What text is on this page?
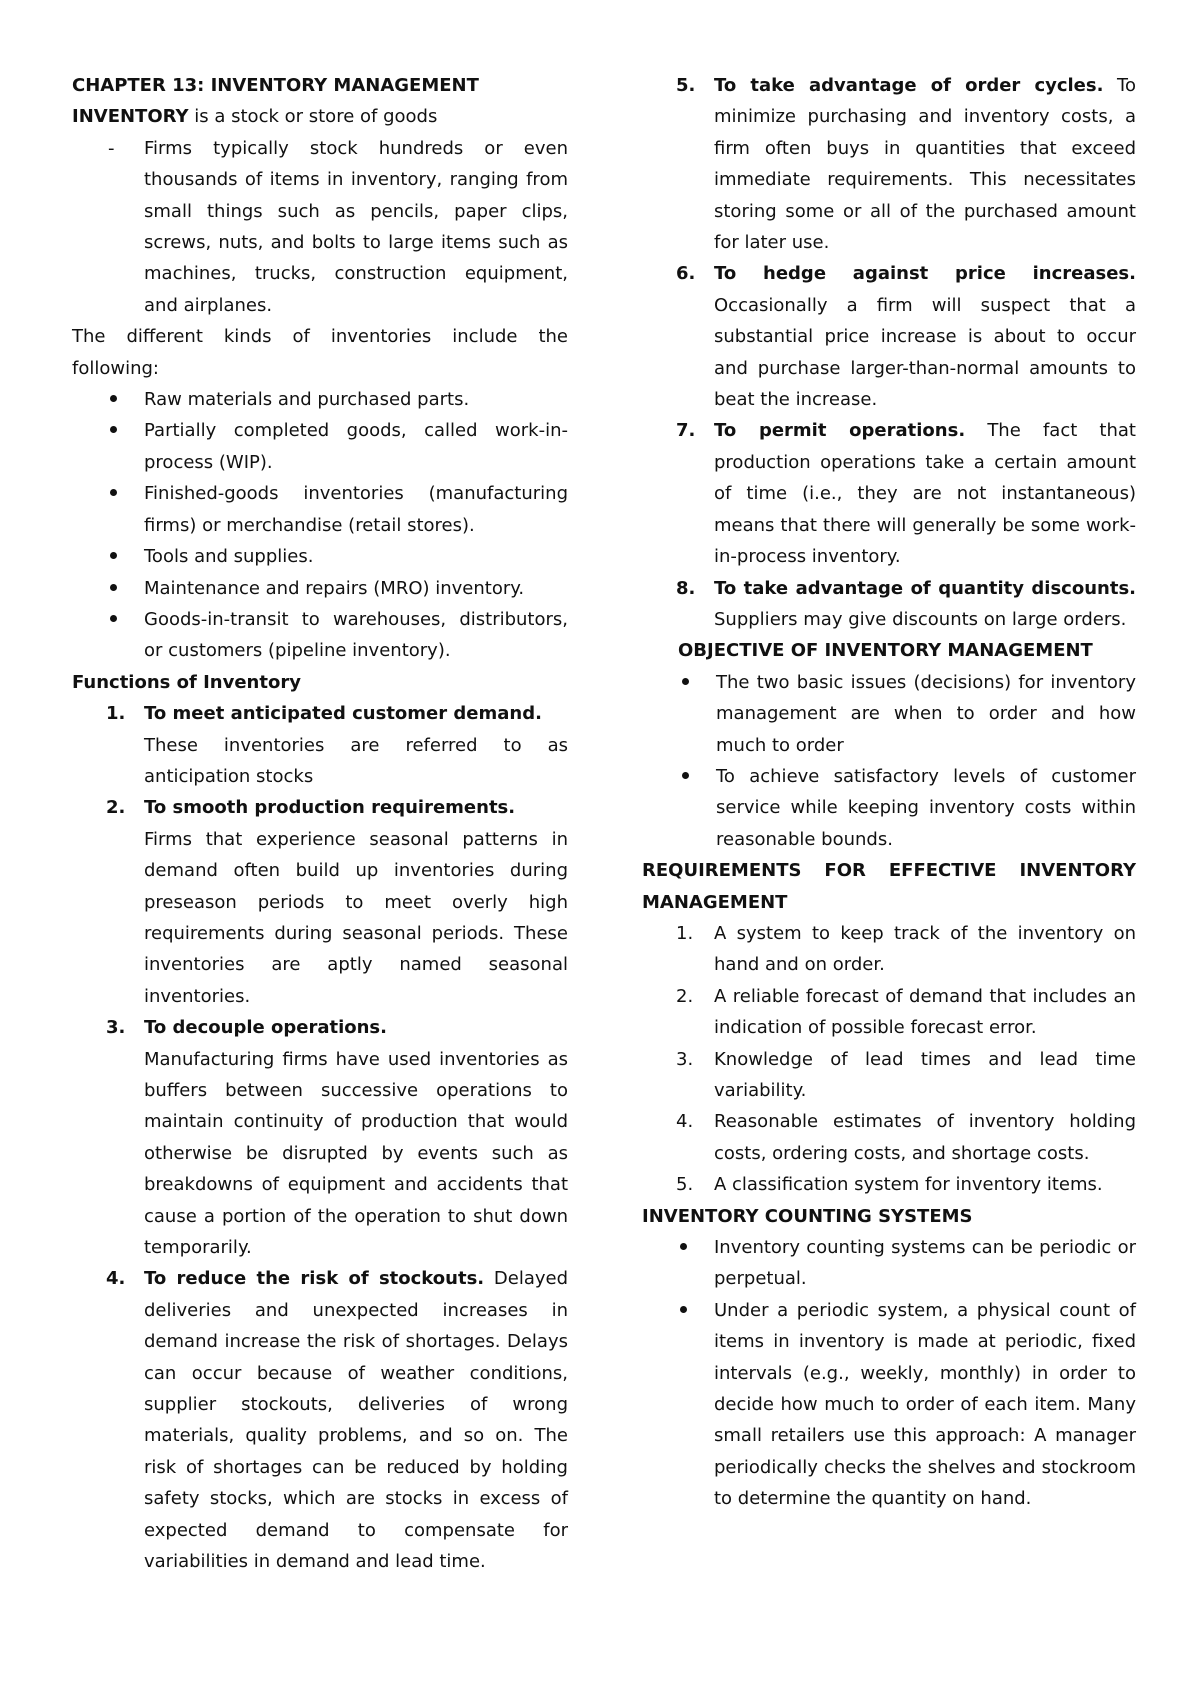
CHAPTER 13: INVENTORY MANAGEMENT

INVENTORY is a stock or store of goods

- Firms typically stock hundreds or even thousands of items in inventory, ranging from small things such as pencils, paper clips, screws, nuts, and bolts to large items such as machines, trucks, construction equipment, and airplanes.

The different kinds of inventories include the following:

Raw materials and purchased parts.
Partially completed goods, called work-in-process (WIP).
Finished-goods inventories (manufacturing firms) or merchandise (retail stores).
Tools and supplies.
Maintenance and repairs (MRO) inventory.
Goods-in-transit to warehouses, distributors, or customers (pipeline inventory).

Functions of Inventory

1. To meet anticipated customer demand.

These inventories are referred to as anticipation stocks

2. To smooth production requirements.

Firms that experience seasonal patterns in demand often build up inventories during preseason periods to meet overly high requirements during seasonal periods. These inventories are aptly named seasonal inventories.

3. To decouple operations.

Manufacturing firms have used inventories as buffers between successive operations to maintain continuity of production that would otherwise be disrupted by events such as breakdowns of equipment and accidents that cause a portion of the operation to shut down temporarily.

4. To reduce the risk of stockouts. Delayed deliveries and unexpected increases in demand increase the risk of shortages. Delays can occur because of weather conditions, supplier stockouts, deliveries of wrong materials, quality problems, and so on. The risk of shortages can be reduced by holding safety stocks, which are stocks in excess of expected demand to compensate for variabilities in demand and lead time.

5. To take advantage of order cycles. To minimize purchasing and inventory costs, a firm often buys in quantities that exceed immediate requirements. This necessitates storing some or all of the purchased amount for later use.

6. To hedge against price increases. Occasionally a firm will suspect that a substantial price increase is about to occur and purchase larger-than-normal amounts to beat the increase.

7. To permit operations. The fact that production operations take a certain amount of time (i.e., they are not instantaneous) means that there will generally be some work-in-process inventory.

8. To take advantage of quantity discounts. Suppliers may give discounts on large orders.

OBJECTIVE OF INVENTORY MANAGEMENT

The two basic issues (decisions) for inventory management are when to order and how much to order
To achieve satisfactory levels of customer service while keeping inventory costs within reasonable bounds.

REQUIREMENTS FOR EFFECTIVE INVENTORY MANAGEMENT

1. A system to keep track of the inventory on hand and on order.
2. A reliable forecast of demand that includes an indication of possible forecast error.
3. Knowledge of lead times and lead time variability.
4. Reasonable estimates of inventory holding costs, ordering costs, and shortage costs.
5. A classification system for inventory items.

INVENTORY COUNTING SYSTEMS

Inventory counting systems can be periodic or perpetual.
Under a periodic system, a physical count of items in inventory is made at periodic, fixed intervals (e.g., weekly, monthly) in order to decide how much to order of each item. Many small retailers use this approach: A manager periodically checks the shelves and stockroom to determine the quantity on hand.
